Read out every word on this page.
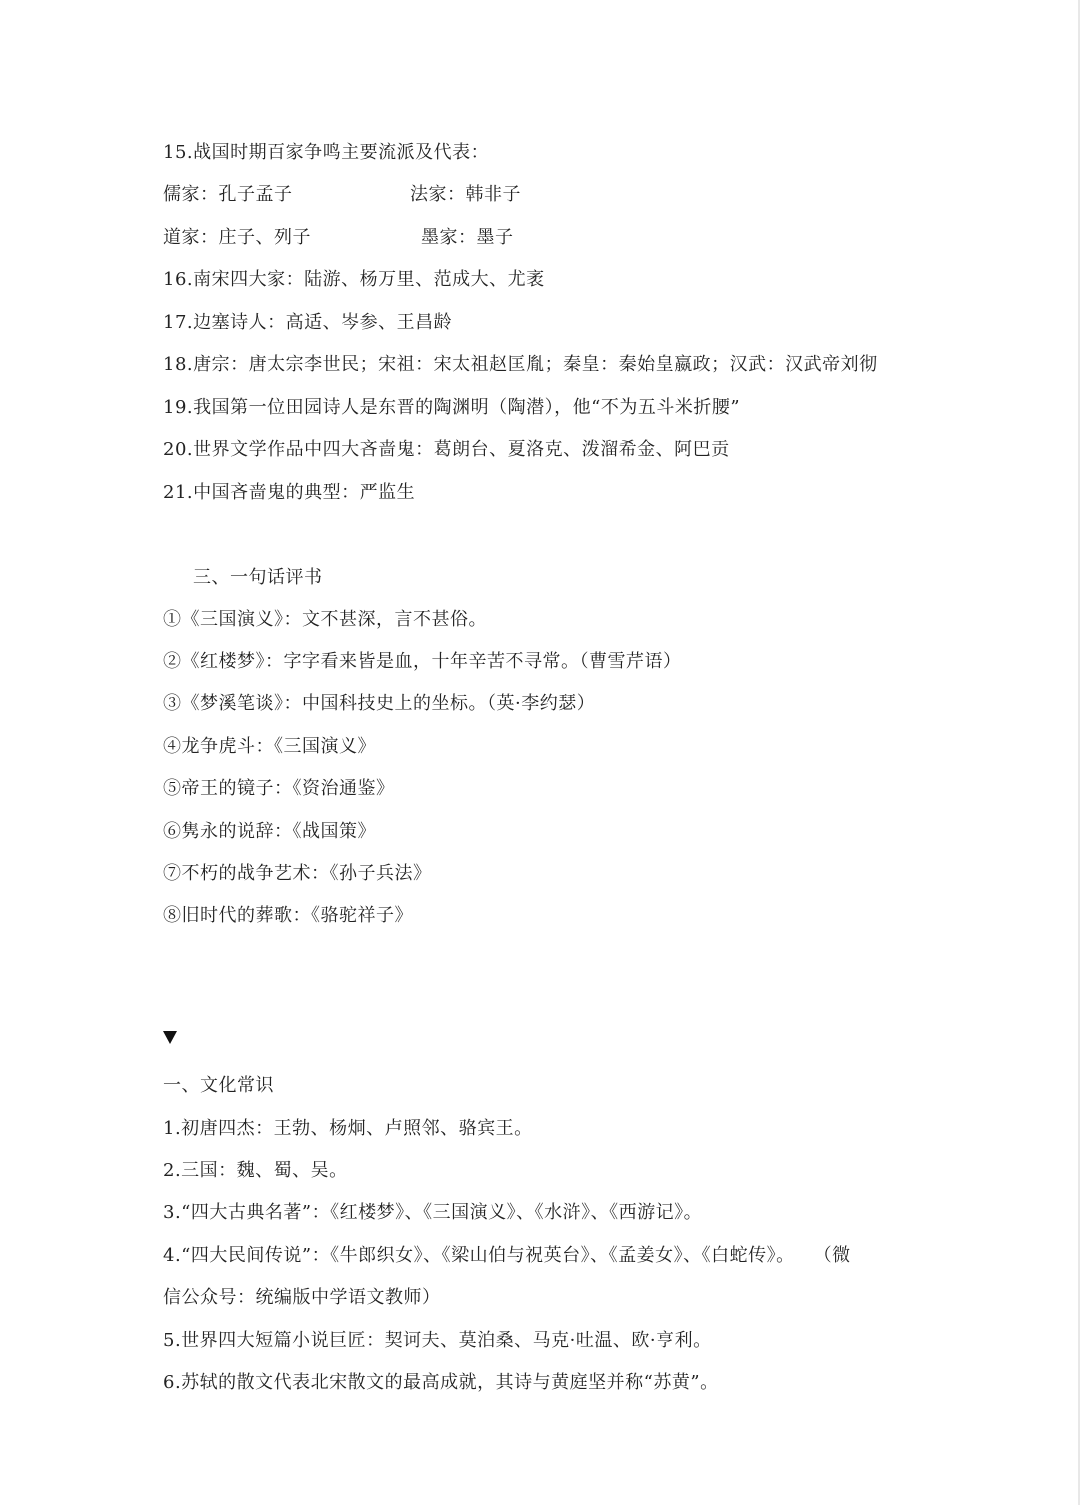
15.战国时期百家争鸣主要流派及代表：
儒家：孔子孟子	法家：韩非子
道家：庄子、列子	墨家：墨子
16.南宋四大家：陆游、杨万里、范成大、尤袤
17.边塞诗人：高适、岑参、王昌龄
18.唐宗：唐太宗李世民；宋祖：宋太祖赵匡胤；秦皇：秦始皇嬴政；汉武：汉武帝刘彻
19.我国第一位田园诗人是东晋的陶渊明（陶潜），他“不为五斗米折腰”
20.世界文学作品中四大吝啬鬼：葛朗台、夏洛克、泼溜希金、阿巴贡
21.中国吝啬鬼的典型：严监生
三、一句话评书
①《三国演义》：文不甚深，言不甚俗。
②《红楼梦》：字字看来皆是血，十年辛苦不寻常。（曹雪芹语）
③《梦溪笔谈》：中国科技史上的坐标。（英·李约瑟）
④龙争虎斗：《三国演义》
⑤帝王的镜子：《资治通鉴》
⑥隽永的说辞：《战国策》
⑦不朽的战争艺术：《孙子兵法》
⑧旧时代的葬歌：《骆驼祥子》
一、文化常识
1.初唐四杰：王勃、杨炯、卢照邻、骆宾王。
2.三国：魏、蜀、吴。
3.“四大古典名著”：《红楼梦》、《三国演义》、《水浒》、《西游记》。
4.“四大民间传说”：《牛郎织女》、《梁山伯与祝英台》、《孟姜女》、《白蛇传》。　　（微
信公众号：统编版中学语文教师）
5.世界四大短篇小说巨匠：契诃夫、莫泊桑、马克·吐温、欧·亨利。
6.苏轼的散文代表北宋散文的最高成就，其诗与黄庭坚并称“苏黄”。
